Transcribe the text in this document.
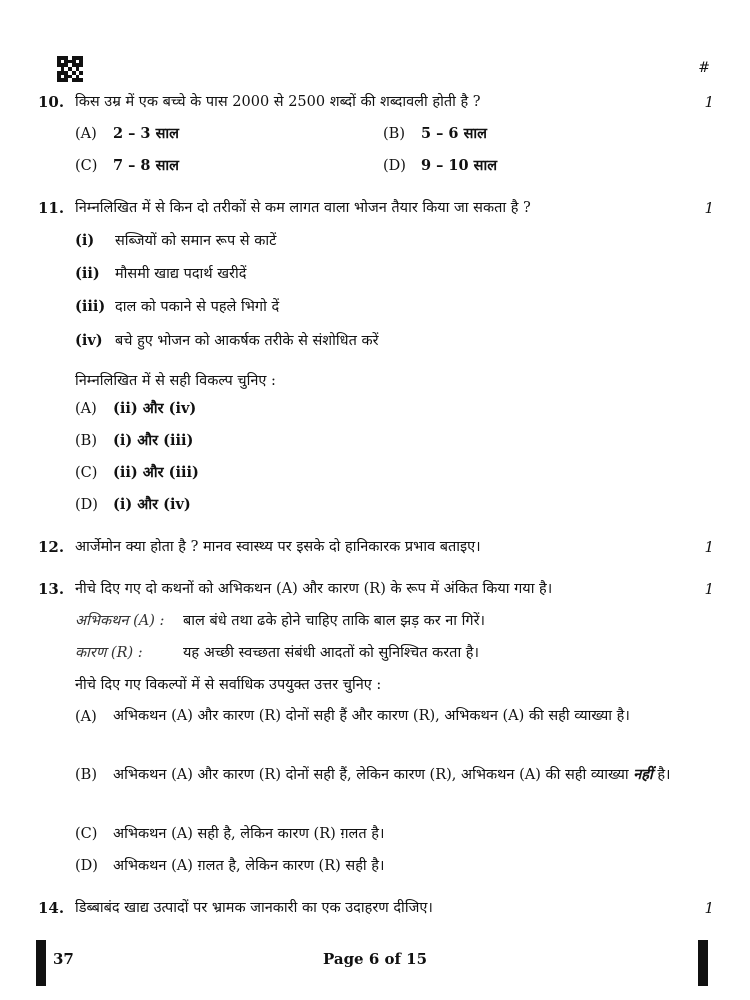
#
10. किस उम्र में एक बच्चे के पास 2000 से 2500 शब्दों की शब्दावली होती है ?	1
(A) 2 – 3 साल	(B) 5 – 6 साल
(C) 7 – 8 साल	(D) 9 – 10 साल
11. निम्नलिखित में से किन दो तरीकों से कम लागत वाला भोजन तैयार किया जा सकता है ?	1
(i) सब्जियों को समान रूप से काटें
(ii) मौसमी खाद्य पदार्थ खरीदें
(iii) दाल को पकाने से पहले भिगो दें
(iv) बचे हुए भोजन को आकर्षक तरीके से संशोधित करें
निम्नलिखित में से सही विकल्प चुनिए :
(A) (ii) और (iv)
(B) (i) और (iii)
(C) (ii) और (iii)
(D) (i) और (iv)
12. आर्जेमोन क्या होता है ? मानव स्वास्थ्य पर इसके दो हानिकारक प्रभाव बताइए।	1
13. नीचे दिए गए दो कथनों को अभिकथन (A) और कारण (R) के रूप में अंकित किया गया है।	1
अभिकथन (A) : बाल बंधे तथा ढके होने चाहिए ताकि बाल झड़ कर ना गिरें।
कारण (R) :	यह अच्छी स्वच्छता संबंधी आदतों को सुनिश्चित करता है।
नीचे दिए गए विकल्पों में से सर्वाधिक उपयुक्त उत्तर चुनिए :
(A) अभिकथन (A) और कारण (R) दोनों सही हैं और कारण (R), अभिकथन (A) की सही व्याख्या है।
(B) अभिकथन (A) और कारण (R) दोनों सही हैं, लेकिन कारण (R), अभिकथन (A) की सही व्याख्या नहीं है।
(C) अभिकथन (A) सही है, लेकिन कारण (R) ग़लत है।
(D) अभिकथन (A) ग़लत है, लेकिन कारण (R) सही है।
14. डिब्बाबंद खाद्य उत्पादों पर भ्रामक जानकारी का एक उदाहरण दीजिए।	1
37	Page 6 of 15
